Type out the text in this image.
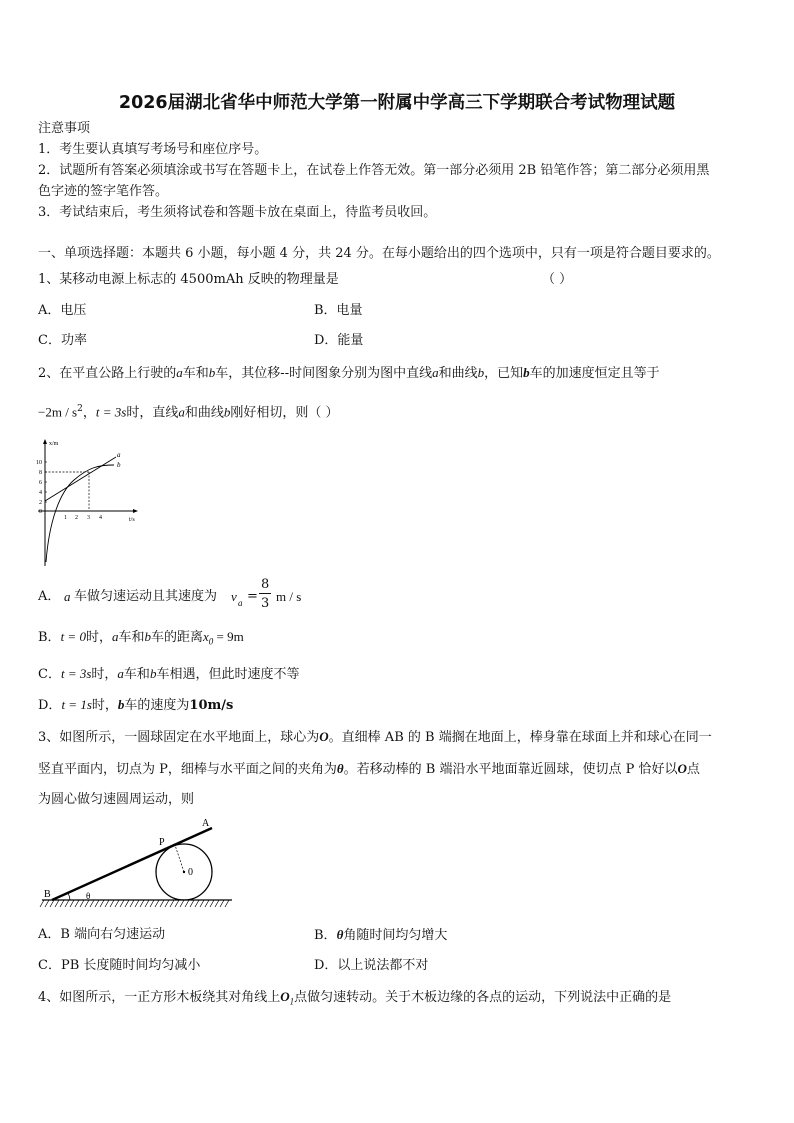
2026届湖北省华中师范大学第一附属中学高三下学期联合考试物理试题
注意事项
1．考生要认真填写考场号和座位序号。
2．试题所有答案必须填涂或书写在答题卡上，在试卷上作答无效。第一部分必须用 2B 铅笔作答；第二部分必须用黑
色字迹的签字笔作答。
3．考试结束后，考生须将试卷和答题卡放在桌面上，待监考员收回。
一、单项选择题：本题共 6 小题，每小题 4 分，共 24 分。在每小题给出的四个选项中，只有一项是符合题目要求的。
1、某移动电源上标志的 4500mAh 反映的物理量是	（ ）
A．电压	B．电量
C．功率	D．能量
2、在平直公路上行驶的a车和b车，其位移--时间图象分别为图中直线a和曲线b，已知b车的加速度恒定且等于
$-2m / s^2$，t = 3s时，直线a和曲线b刚好相切，则（ ）
x/m
t/s
10
8
6
4
2
0
1 2 3 4
a
b
A． a 车做匀速运动且其速度为 v a =
8
3 m / s
B．t = 0时，a车和b车的距离$x_0 = 9m$
C．t = 3s时，a车和b车相遇，但此时速度不等
D．t = 1s时，b车的速度为10m/s
3、如图所示，一圆球固定在水平地面上，球心为O。直细棒 AB 的 B 端搁在地面上，棒身靠在球面上并和球心在同一
竖直平面内，切点为 P，细棒与水平面之间的夹角为θ。若移动棒的 B 端沿水平地面靠近圆球，使切点 P 恰好以O点
为圆心做匀速圆周运动，则
A
P
0
B	θ
A．B 端向右匀速运动	B．θ角随时间均匀增大
C．PB 长度随时间均匀减小	D．以上说法都不对
4、如图所示，一正方形木板绕其对角线上$O_1$点做匀速转动。关于木板边缘的各点的运动，下列说法中正确的是
